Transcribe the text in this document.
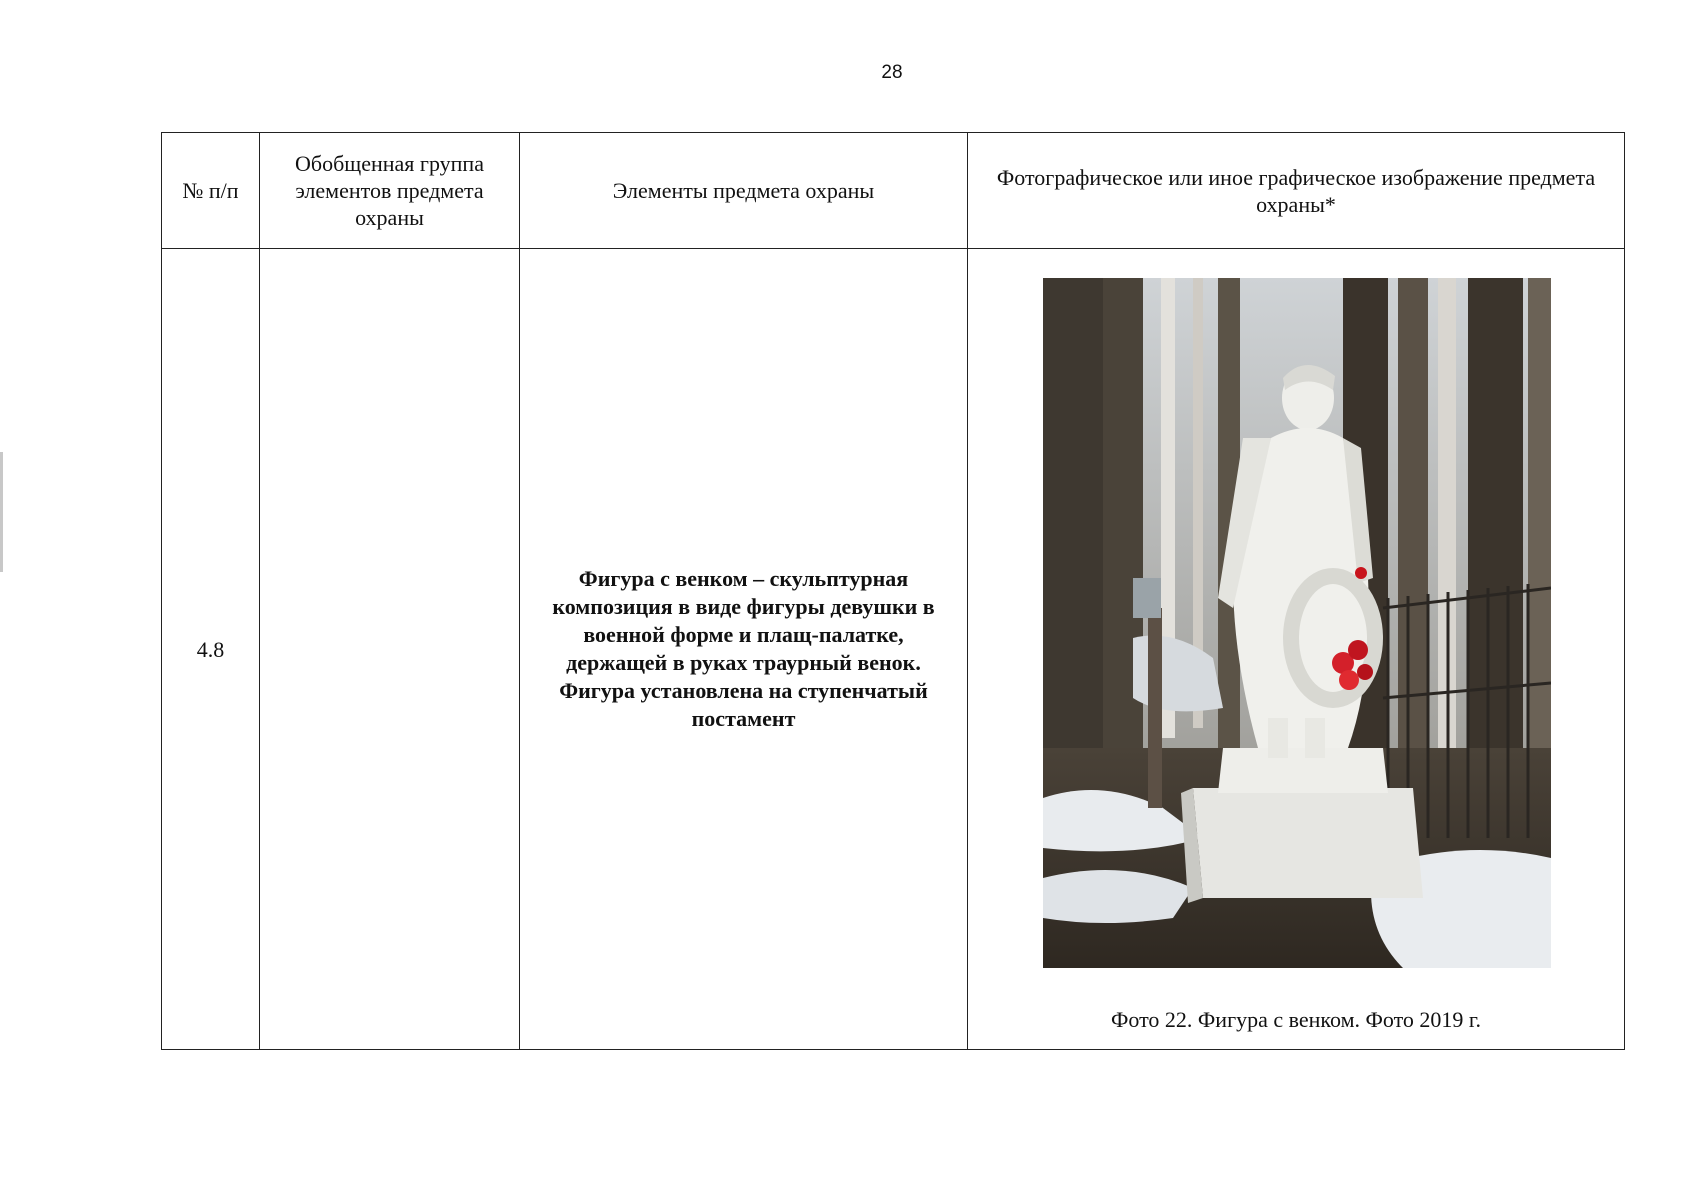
28
№ п/п	Обобщенная группа элементов предмета охраны	Элементы предмета охраны	Фотографическое или иное графическое изображение предмета охраны*
4.8		Фигура с венком – скульптурная композиция в виде фигуры девушки в военной форме и плащ-палатке, держащей в руках траурный венок. Фигура установлена на ступенчатый постамент	Фото 22. Фигура с венком. Фото 2019 г.
